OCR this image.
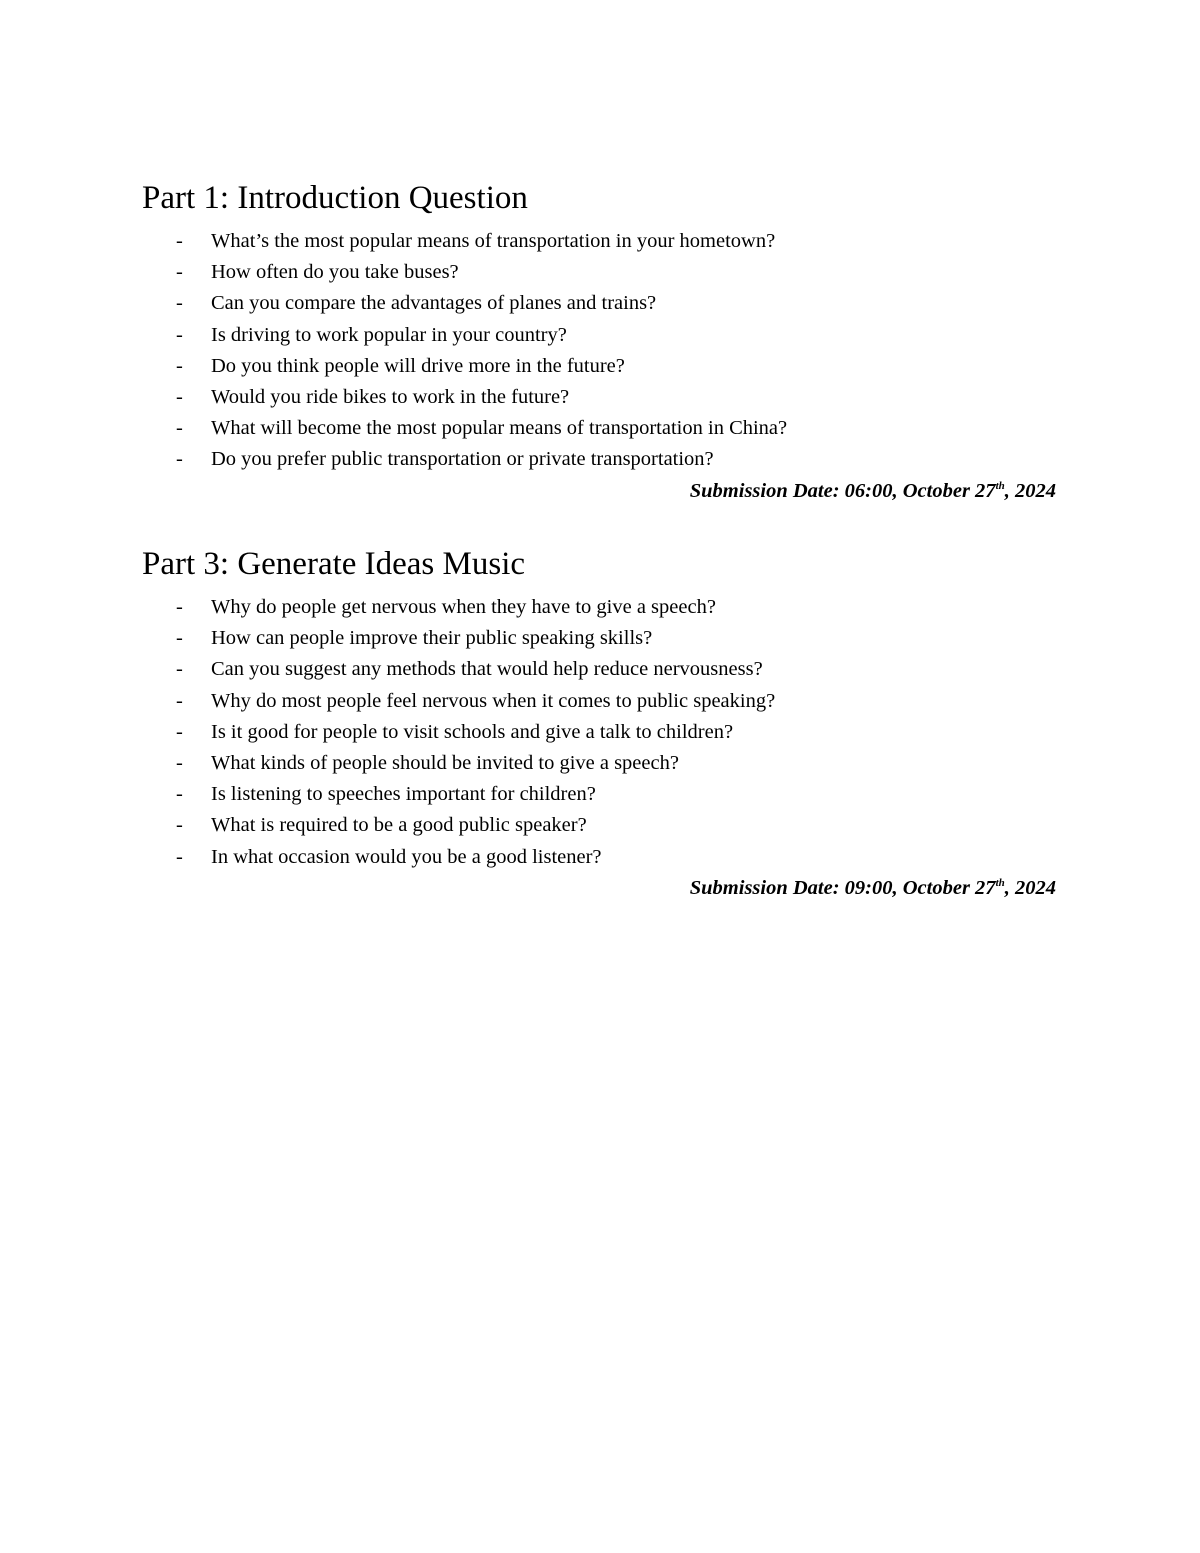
Part 1: Introduction Question
- What’s the most popular means of transportation in your hometown?
- How often do you take buses?
- Can you compare the advantages of planes and trains?
- Is driving to work popular in your country?
- Do you think people will drive more in the future?
- Would you ride bikes to work in the future?
- What will become the most popular means of transportation in China?
- Do you prefer public transportation or private transportation?
Submission Date: 06:00, October 27th, 2024
Part 3: Generate Ideas Music
- Why do people get nervous when they have to give a speech?
- How can people improve their public speaking skills?
- Can you suggest any methods that would help reduce nervousness?
- Why do most people feel nervous when it comes to public speaking?
- Is it good for people to visit schools and give a talk to children?
- What kinds of people should be invited to give a speech?
- Is listening to speeches important for children?
- What is required to be a good public speaker?
- In what occasion would you be a good listener?
Submission Date: 09:00, October 27th, 2024
